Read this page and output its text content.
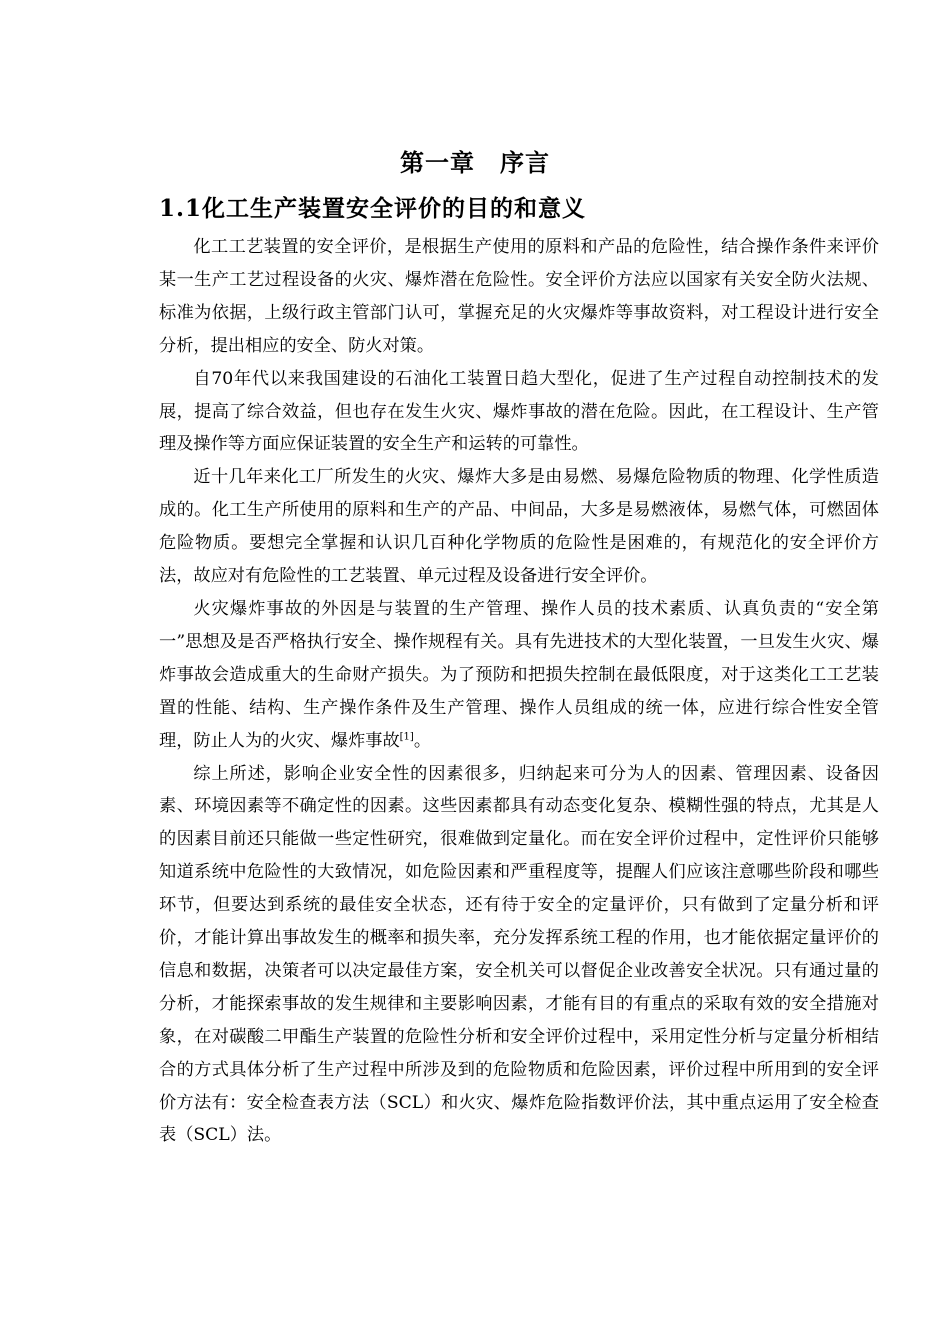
第一章　序言
1.1化工生产装置安全评价的目的和意义

化工工艺装置的安全评价，是根据生产使用的原料和产品的危险性，结合操作条件来评价某一生产工艺过程设备的火灾、爆炸潜在危险性。安全评价方法应以国家有关安全防火法规、标准为依据，上级行政主管部门认可，掌握充足的火灾爆炸等事故资料，对工程设计进行安全分析，提出相应的安全、防火对策。

自70年代以来我国建设的石油化工装置日趋大型化，促进了生产过程自动控制技术的发展，提高了综合效益，但也存在发生火灾、爆炸事故的潜在危险。因此，在工程设计、生产管理及操作等方面应保证装置的安全生产和运转的可靠性。

近十几年来化工厂所发生的火灾、爆炸大多是由易燃、易爆危险物质的物理、化学性质造成的。化工生产所使用的原料和生产的产品、中间品，大多是易燃液体，易燃气体，可燃固体危险物质。要想完全掌握和认识几百种化学物质的危险性是困难的，有规范化的安全评价方法，故应对有危险性的工艺装置、单元过程及设备进行安全评价。

火灾爆炸事故的外因是与装置的生产管理、操作人员的技术素质、认真负责的“安全第一”思想及是否严格执行安全、操作规程有关。具有先进技术的大型化装置，一旦发生火灾、爆炸事故会造成重大的生命财产损失。为了预防和把损失控制在最低限度，对于这类化工工艺装置的性能、结构、生产操作条件及生产管理、操作人员组成的统一体，应进行综合性安全管理，防止人为的火灾、爆炸事故[1]。

综上所述，影响企业安全性的因素很多，归纳起来可分为人的因素、管理因素、设备因素、环境因素等不确定性的因素。这些因素都具有动态变化复杂、模糊性强的特点，尤其是人的因素目前还只能做一些定性研究，很难做到定量化。而在安全评价过程中，定性评价只能够知道系统中危险性的大致情况，如危险因素和严重程度等，提醒人们应该注意哪些阶段和哪些环节，但要达到系统的最佳安全状态，还有待于安全的定量评价，只有做到了定量分析和评价，才能计算出事故发生的概率和损失率，充分发挥系统工程的作用，也才能依据定量评价的信息和数据，决策者可以决定最佳方案，安全机关可以督促企业改善安全状况。只有通过量的分析，才能探索事故的发生规律和主要影响因素，才能有目的有重点的采取有效的安全措施对象，在对碳酸二甲酯生产装置的危险性分析和安全评价过程中，采用定性分析与定量分析相结合的方式具体分析了生产过程中所涉及到的危险物质和危险因素，评价过程中所用到的安全评价方法有：安全检查表方法（SCL）和火灾、爆炸危险指数评价法，其中重点运用了安全检查表（SCL）法。
